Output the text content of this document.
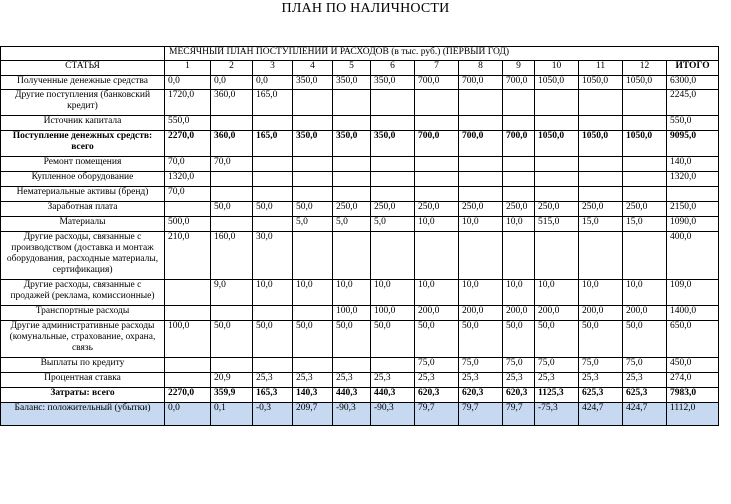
ПЛАН ПО НАЛИЧНОСТИ
	МЕСЯЧНЫЙ ПЛАН ПОСТУПЛЕНИЙ И РАСХОДОВ (в тыс. руб.) (ПЕРВЫЙ ГОД)												
СТАТЬЯ	1	2	3	4	5	6	7	8	9	10	11	12	ИТОГО
Полученные денежные средства	0,0	0,0	0,0	350,0	350,0	350,0	700,0	700,0	700,0	1050,0	1050,0	1050,0	6300,0
Другие поступления (банковский кредит)	1720,0	360,0	165,0										2245,0
Источник капитала	550,0												550,0
Поступление денежных средств: всего	2270,0	360,0	165,0	350,0	350,0	350,0	700,0	700,0	700,0	1050,0	1050,0	1050,0	9095,0
Ремонт помещения	70,0	70,0											140,0
Купленное оборудование	1320,0												1320,0
Нематериальные активы (бренд)	70,0												
Заработная плата		50,0	50,0	50,0	250,0	250,0	250,0	250,0	250,0	250,0	250,0	250,0	2150,0
Материалы	500,0			5,0	5,0	5,0	10,0	10,0	10,0	515,0	15,0	15,0	1090,0
Другие расходы, связанные с производством (доставка и монтаж оборудования, расходные материалы, сертификация)	210,0	160,0	30,0										400,0
Другие расходы, связанные с продажей (реклама, комиссионные)		9,0	10,0	10,0	10,0	10,0	10,0	10,0	10,0	10,0	10,0	10,0	109,0
Транспортные расходы					100,0	100,0	200,0	200,0	200,0	200,0	200,0	200,0	1400,0
Другие административные расходы (комунальные, страхование, охрана, связь	100,0	50,0	50,0	50,0	50,0	50,0	50,0	50,0	50,0	50,0	50,0	50,0	650,0
Выплаты по кредиту							75,0	75,0	75,0	75,0	75,0	75,0	450,0
Процентная ставка		20,9	25,3	25,3	25,3	25,3	25,3	25,3	25,3	25,3	25,3	25,3	274,0
Затраты: всего	2270,0	359,9	165,3	140,3	440,3	440,3	620,3	620,3	620,3	1125,3	625,3	625,3	7983,0
Баланс: положительный (убытки)	0,0	0,1	-0,3	209,7	-90,3	-90,3	79,7	79,7	79,7	-75,3	424,7	424,7	1112,0
